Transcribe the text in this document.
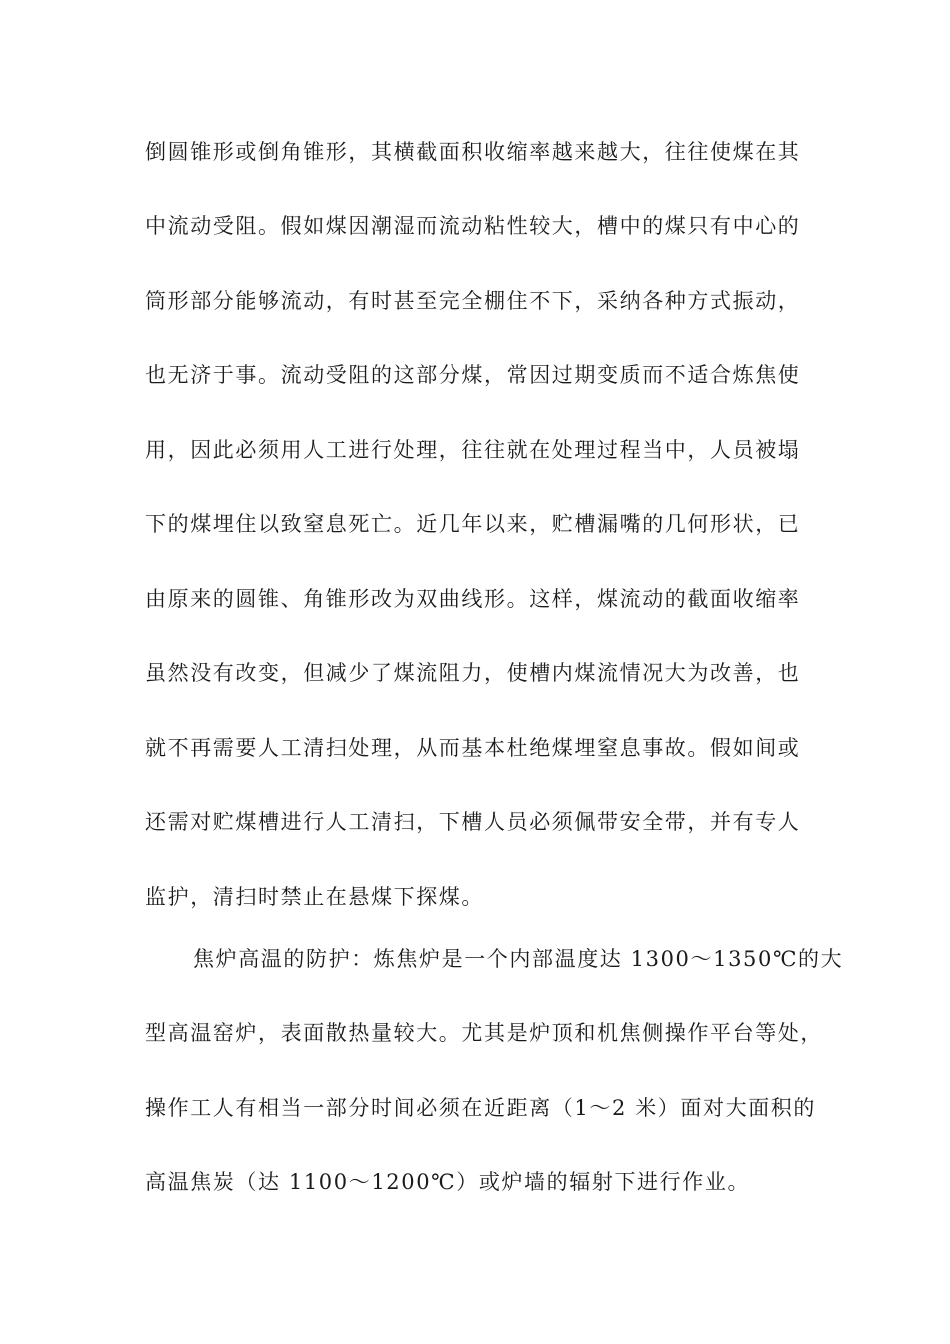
倒圆锥形或倒角锥形，其横截面积收缩率越来越大，往往使煤在其
中流动受阻。假如煤因潮湿而流动粘性较大，槽中的煤只有中心的
筒形部分能够流动，有时甚至完全棚住不下，采纳各种方式振动，
也无济于事。流动受阻的这部分煤，常因过期变质而不适合炼焦使
用，因此必须用人工进行处理，往往就在处理过程当中，人员被塌
下的煤埋住以致窒息死亡。近几年以来，贮槽漏嘴的几何形状，已
由原来的圆锥、角锥形改为双曲线形。这样，煤流动的截面收缩率
虽然没有改变，但减少了煤流阻力，使槽内煤流情况大为改善，也
就不再需要人工清扫处理，从而基本杜绝煤埋窒息事故。假如间或
还需对贮煤槽进行人工清扫，下槽人员必须佩带安全带，并有专人
监护，清扫时禁止在悬煤下探煤。
焦炉高温的防护：炼焦炉是一个内部温度达 1300～1350℃的大
型高温窑炉，表面散热量较大。尤其是炉顶和机焦侧操作平台等处，
操作工人有相当一部分时间必须在近距离（1～2 米）面对大面积的
高温焦炭（达 1100～1200℃）或炉墙的辐射下进行作业。
